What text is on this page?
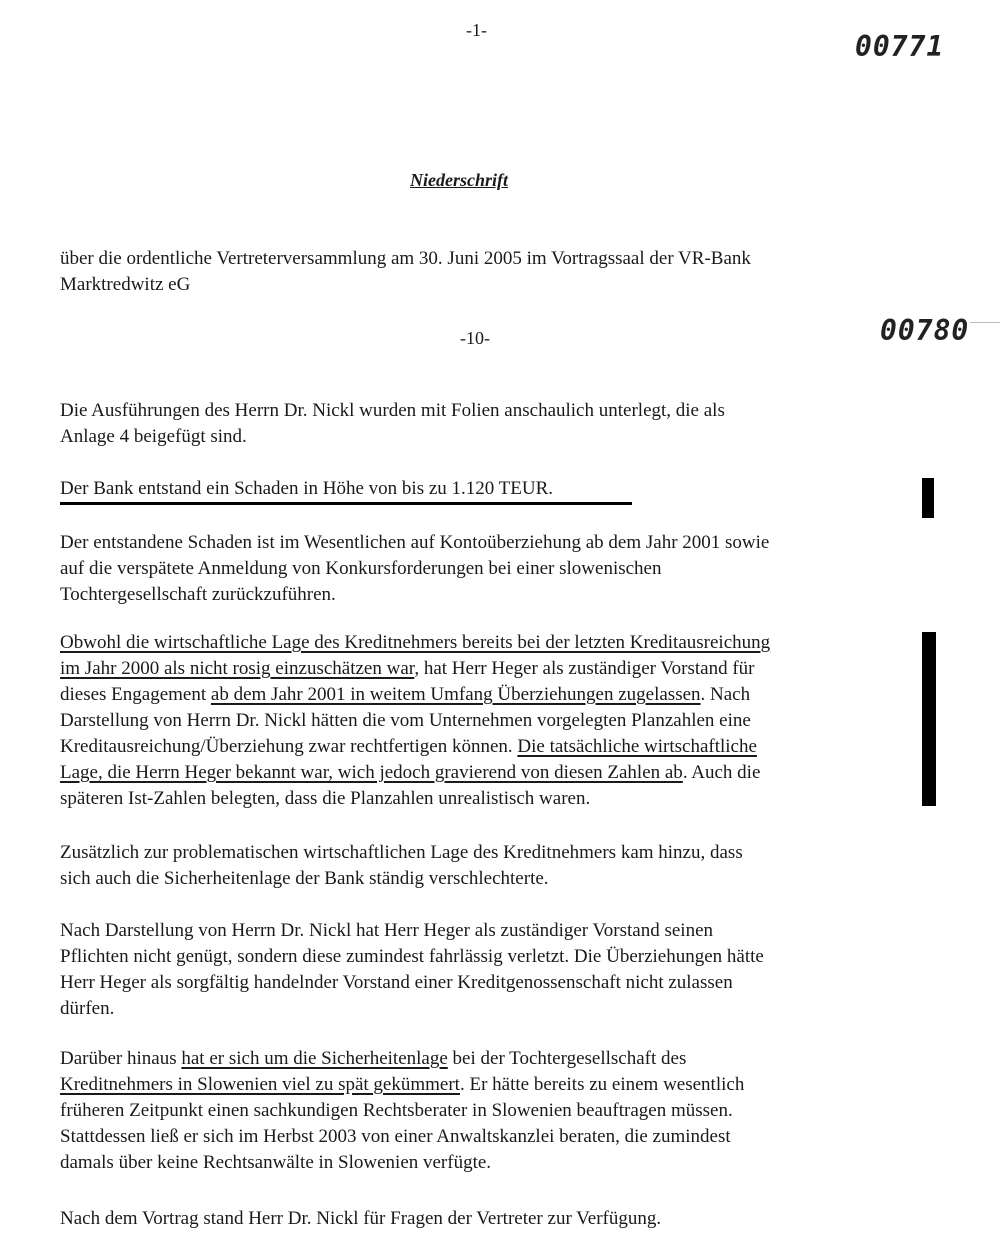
-1-	00771
Niederschrift
über die ordentliche Vertreterversammlung am 30. Juni 2005 im Vortragssaal der VR-Bank
Marktredwitz eG
-10-	00780
Die Ausführungen des Herrn Dr. Nickl wurden mit Folien anschaulich unterlegt, die als
Anlage 4 beigefügt sind.
Der Bank entstand ein Schaden in Höhe von bis zu 1.120 TEUR.
Der entstandene Schaden ist im Wesentlichen auf Kontoüberziehung ab dem Jahr 2001 sowie
auf die verspätete Anmeldung von Konkursforderungen bei einer slowenischen
Tochtergesellschaft zurückzuführen.
Obwohl die wirtschaftliche Lage des Kreditnehmers bereits bei der letzten Kreditausreichung
im Jahr 2000 als nicht rosig einzuschätzen war, hat Herr Heger als zuständiger Vorstand für
dieses Engagement ab dem Jahr 2001 in weitem Umfang Überziehungen zugelassen. Nach
Darstellung von Herrn Dr. Nickl hätten die vom Unternehmen vorgelegten Planzahlen eine
Kreditausreichung/Überziehung zwar rechtfertigen können. Die tatsächliche wirtschaftliche
Lage, die Herrn Heger bekannt war, wich jedoch gravierend von diesen Zahlen ab. Auch die
späteren Ist-Zahlen belegten, dass die Planzahlen unrealistisch waren.
Zusätzlich zur problematischen wirtschaftlichen Lage des Kreditnehmers kam hinzu, dass
sich auch die Sicherheitenlage der Bank ständig verschlechterte.
Nach Darstellung von Herrn Dr. Nickl hat Herr Heger als zuständiger Vorstand seinen
Pflichten nicht genügt, sondern diese zumindest fahrlässig verletzt. Die Überziehungen hätte
Herr Heger als sorgfältig handelnder Vorstand einer Kreditgenossenschaft nicht zulassen
dürfen.
Darüber hinaus hat er sich um die Sicherheitenlage bei der Tochtergesellschaft des
Kreditnehmers in Slowenien viel zu spät gekümmert. Er hätte bereits zu einem wesentlich
früheren Zeitpunkt einen sachkundigen Rechtsberater in Slowenien beauftragen müssen.
Stattdessen ließ er sich im Herbst 2003 von einer Anwaltskanzlei beraten, die zumindest
damals über keine Rechtsanwälte in Slowenien verfügte.
Nach dem Vortrag stand Herr Dr. Nickl für Fragen der Vertreter zur Verfügung.
